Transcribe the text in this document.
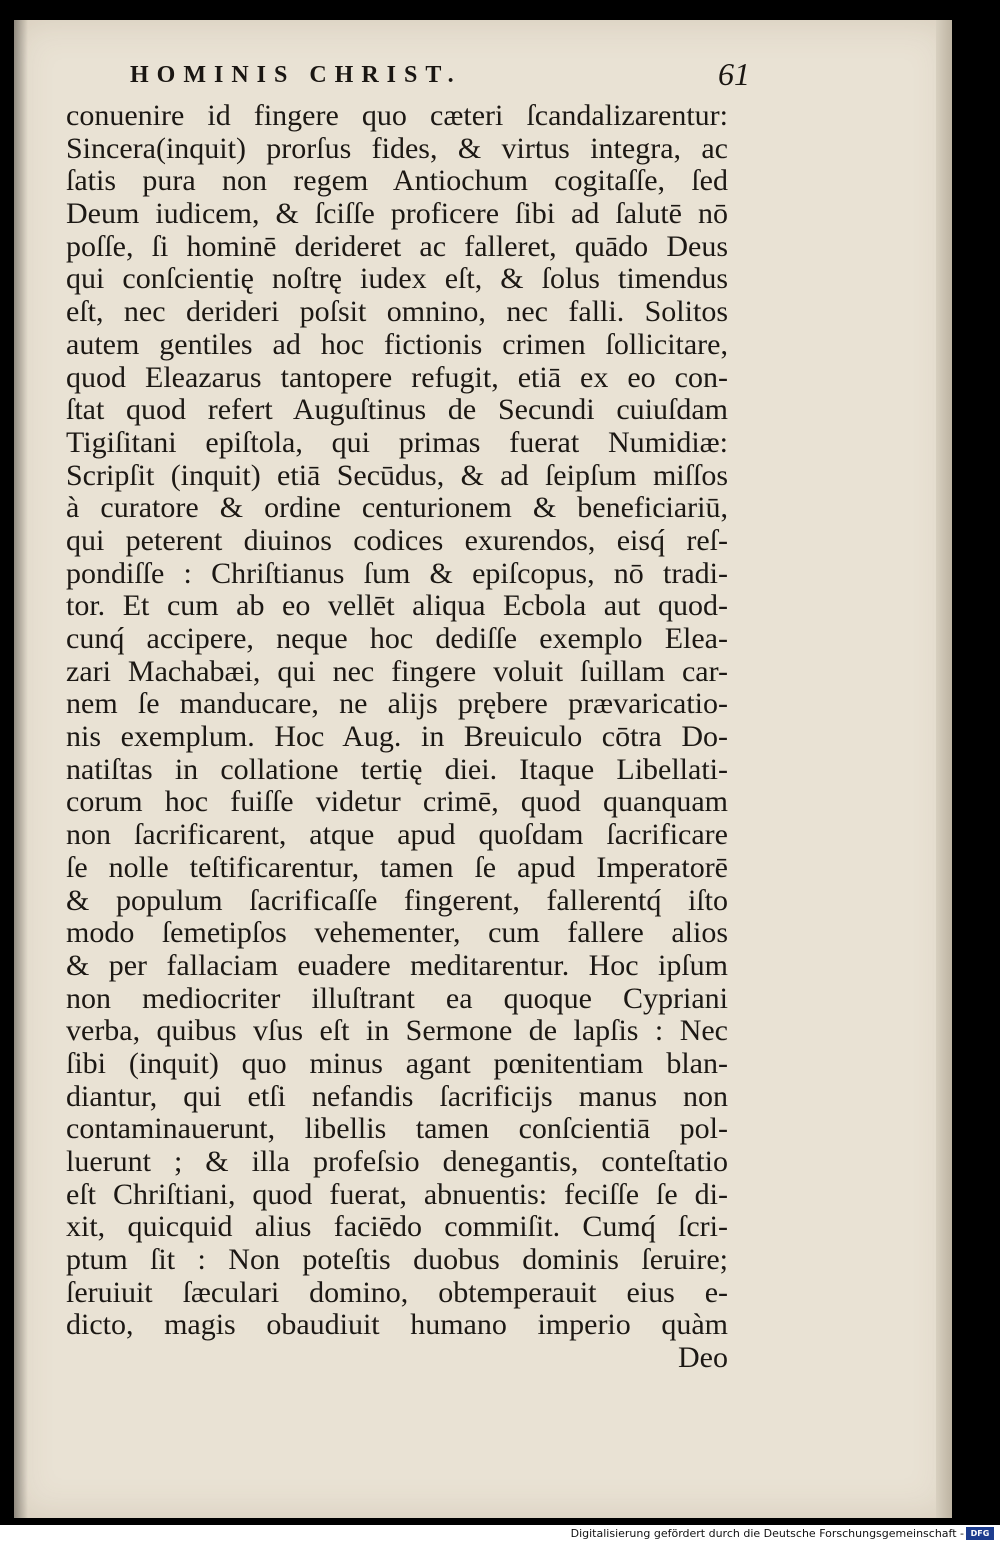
HOMINIS CHRIST.	61
conuenire id fingere quo cæteri ſcandalizarentur:
Sincera(inquit) prorſus fides, & virtus integra, ac
ſatis pura non regem Antiochum cogitaſſe, ſed
Deum iudicem, & ſciſſe proficere ſibi ad ſalutē nō
poſſe, ſi hominē derideret ac falleret, quādo Deus
qui conſcientię noſtrę iudex eſt, & ſolus timendus
eſt, nec derideri poſsit omnino, nec falli. Solitos
autem gentiles ad hoc fictionis crimen ſollicitare,
quod Eleazarus tantopere refugit, etiā ex eo con-
ſtat quod refert Auguſtinus de Secundi cuiuſdam
Tigiſitani epiſtola, qui primas fuerat Numidiæ:
Scripſit (inquit) etiā Secūdus, & ad ſeipſum miſſos
à curatore & ordine centurionem & beneficiariū,
qui peterent diuinos codices exurendos, eisq́ reſ-
pondiſſe : Chriſtianus ſum & epiſcopus, nō tradi-
tor. Et cum ab eo vellēt aliqua Ecbola aut quod-
cunq́ accipere, neque hoc dediſſe exemplo Elea-
zari Machabæi, qui nec fingere voluit ſuillam car-
nem ſe manducare, ne alijs prębere prævaricatio-
nis exemplum. Hoc Aug. in Breuiculo cōtra Do-
natiſtas in collatione tertię diei. Itaque Libellati-
corum hoc fuiſſe videtur crimē, quod quanquam
non ſacrificarent, atque apud quoſdam ſacrificare
ſe nolle teſtificarentur, tamen ſe apud Imperatorē
& populum ſacrificaſſe fingerent, fallerentq́ iſto
modo ſemetipſos vehementer, cum fallere alios
& per fallaciam euadere meditarentur. Hoc ipſum
non mediocriter illuſtrant ea quoque Cypriani
verba, quibus vſus eſt in Sermone de lapſis : Nec
ſibi (inquit) quo minus agant pœnitentiam blan-
diantur, qui etſi nefandis ſacrificijs manus non
contaminauerunt, libellis tamen conſcientiā pol-
luerunt ; & illa profeſsio denegantis, conteſtatio
eſt Chriſtiani, quod fuerat, abnuentis: feciſſe ſe di-
xit, quicquid alius faciēdo commiſit. Cumq́ ſcri-
ptum ſit : Non poteſtis duobus dominis ſeruire;
ſeruiuit ſæculari domino, obtemperauit eius e-
dicto, magis obaudiuit humano imperio quàm
Deo
Digitalisierung gefördert durch die Deutsche Forschungsgemeinschaft - DFG
